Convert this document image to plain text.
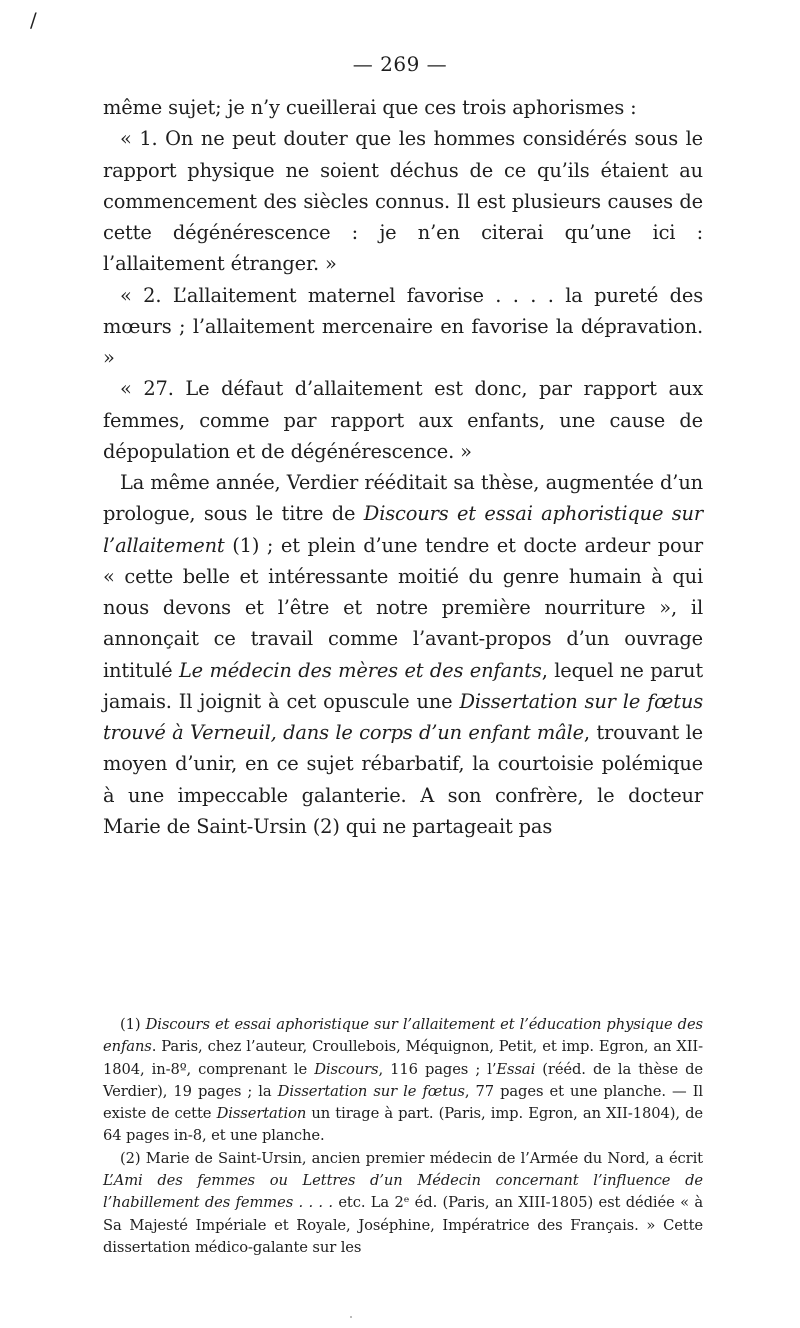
/
— 269 —

même sujet; je n’y cueillerai que ces trois aphorismes :

« 1. On ne peut douter que les hommes considérés sous le rapport physique ne soient déchus de ce qu’ils étaient au commencement des siècles connus. Il est plusieurs causes de cette dégénérescence : je n’en citerai qu’une ici : l’allaitement étranger. »

« 2. L’allaitement maternel favorise . . . . la pureté des mœurs ; l’allaitement mercenaire en favorise la dépravation. »

« 27. Le défaut d’allaitement est donc, par rapport aux femmes, comme par rapport aux enfants, une cause de dépopulation et de dégénérescence. »

La même année, Verdier rééditait sa thèse, augmentée d’un prologue, sous le titre de Discours et essai aphoristique sur l’allaitement (1) ; et plein d’une tendre et docte ardeur pour « cette belle et intéressante moitié du genre humain à qui nous devons et l’être et notre première nourriture », il annonçait ce travail comme l’avant-propos d’un ouvrage intitulé Le médecin des mères et des enfants, lequel ne parut jamais. Il joignit à cet opuscule une Dissertation sur le fœtus trouvé à Verneuil, dans le corps d’un enfant mâle, trouvant le moyen d’unir, en ce sujet rébarbatif, la courtoisie polémique à une impeccable galanterie. A son confrère, le docteur Marie de Saint-Ursin (2) qui ne partageait pas

(1) Discours et essai aphoristique sur l’allaitement et l’éducation physique des enfans. Paris, chez l’auteur, Croullebois, Méquignon, Petit, et imp. Egron, an XII-1804, in-8º, comprenant le Discours, 116 pages ; l’Essai (rééd. de la thèse de Verdier), 19 pages ; la Dissertation sur le fœtus, 77 pages et une planche. — Il existe de cette Dissertation un tirage à part. (Paris, imp. Egron, an XII-1804), de 64 pages in-8, et une planche.

(2) Marie de Saint-Ursin, ancien premier médecin de l’Armée du Nord, a écrit L’Ami des femmes ou Lettres d’un Médecin concernant l’influence de l’habillement des femmes . . . . etc. La 2ᵉ éd. (Paris, an XIII-1805) est dédiée « à Sa Majesté Impériale et Royale, Joséphine, Impératrice des Français. » Cette dissertation médico-galante sur les
